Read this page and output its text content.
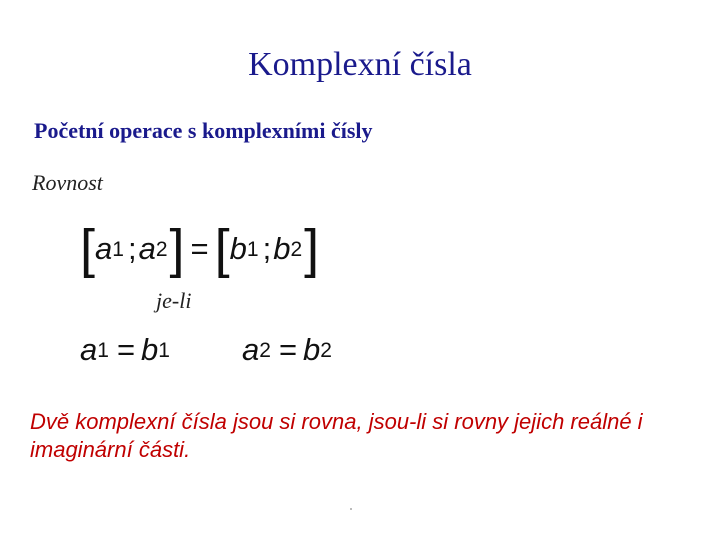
Komplexní čísla
Početní operace s komplexními čísly
Rovnost
[ a 1 ; a 2 ] = [ b 1 ; b 2 ]
je-li
a 1 = b 1 a 2 = b 2
Dvě komplexní čísla jsou si rovna, jsou-li si rovny jejich reálné i imaginární části.
